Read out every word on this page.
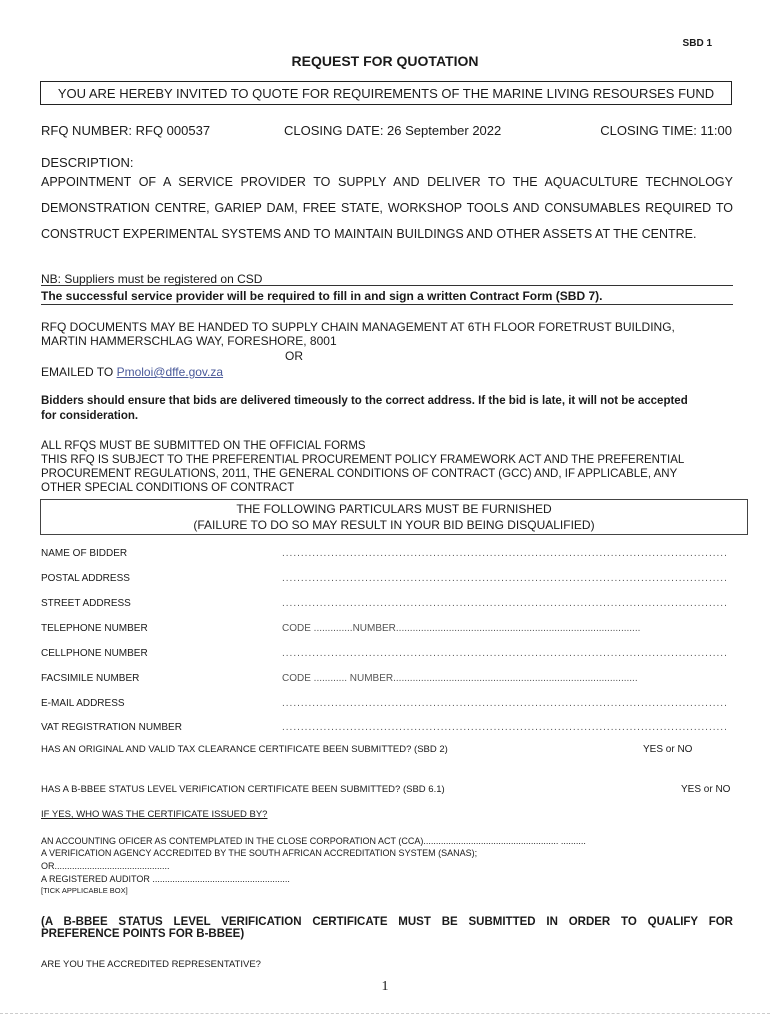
SBD 1
REQUEST FOR QUOTATION
YOU ARE HEREBY INVITED TO QUOTE FOR REQUIREMENTS OF THE MARINE LIVING RESOURSES FUND
RFQ NUMBER: RFQ 000537	CLOSING DATE: 26 September 2022	CLOSING TIME: 11:00
DESCRIPTION:
APPOINTMENT OF A SERVICE PROVIDER TO SUPPLY AND DELIVER TO THE AQUACULTURE TECHNOLOGY
DEMONSTRATION CENTRE, GARIEP DAM, FREE STATE, WORKSHOP TOOLS AND CONSUMABLES REQUIRED TO
CONSTRUCT EXPERIMENTAL SYSTEMS AND TO MAINTAIN BUILDINGS AND OTHER ASSETS AT THE CENTRE.
NB: Suppliers must be registered on CSD
The successful service provider will be required to fill in and sign a written Contract Form (SBD 7).
RFQ DOCUMENTS MAY BE HANDED TO SUPPLY CHAIN MANAGEMENT AT 6TH FLOOR FORETRUST BUILDING,
MARTIN HAMMERSCHLAG WAY, FORESHORE, 8001
OR
EMAILED TO Pmoloi@dffe.gov.za
Bidders should ensure that bids are delivered timeously to the correct address. If the bid is late, it will not be accepted
for consideration.
ALL RFQS MUST BE SUBMITTED ON THE OFFICIAL FORMS
THIS RFQ IS SUBJECT TO THE PREFERENTIAL PROCUREMENT POLICY FRAMEWORK ACT AND THE PREFERENTIAL
PROCUREMENT REGULATIONS, 2011, THE GENERAL CONDITIONS OF CONTRACT (GCC) AND, IF APPLICABLE, ANY
OTHER SPECIAL CONDITIONS OF CONTRACT
THE FOLLOWING PARTICULARS MUST BE FURNISHED
(FAILURE TO DO SO MAY RESULT IN YOUR BID BEING DISQUALIFIED)
NAME OF BIDDER	......................................................................................................................
POSTAL ADDRESS	......................................................................................................................
STREET ADDRESS	......................................................................................................................
TELEPHONE NUMBER	CODE ..............NUMBER........................................................................................
CELLPHONE NUMBER	......................................................................................................................
FACSIMILE NUMBER	CODE ............ NUMBER........................................................................................
E-MAIL ADDRESS	......................................................................................................................
VAT REGISTRATION NUMBER	......................................................................................................................
HAS AN ORIGINAL AND VALID TAX CLEARANCE CERTIFICATE BEEN SUBMITTED? (SBD 2)	YES or NO
HAS A B-BBEE STATUS LEVEL VERIFICATION CERTIFICATE BEEN SUBMITTED? (SBD 6.1)	YES or NO
IF YES, WHO WAS THE CERTIFICATE ISSUED BY?
AN ACCOUNTING OFICER AS CONTEMPLATED IN THE CLOSE CORPORATION ACT (CCA)...................................................... ..........
A VERIFICATION AGENCY ACCREDITED BY THE SOUTH AFRICAN ACCREDITATION SYSTEM (SANAS);
OR..............................................
A REGISTERED AUDITOR .......................................................
[TICK APPLICABLE BOX]
(A B-BBEE STATUS LEVEL VERIFICATION CERTIFICATE MUST BE SUBMITTED IN ORDER TO QUALIFY FOR
PREFERENCE POINTS FOR B-BBEE)
ARE YOU THE ACCREDITED REPRESENTATIVE?
1
